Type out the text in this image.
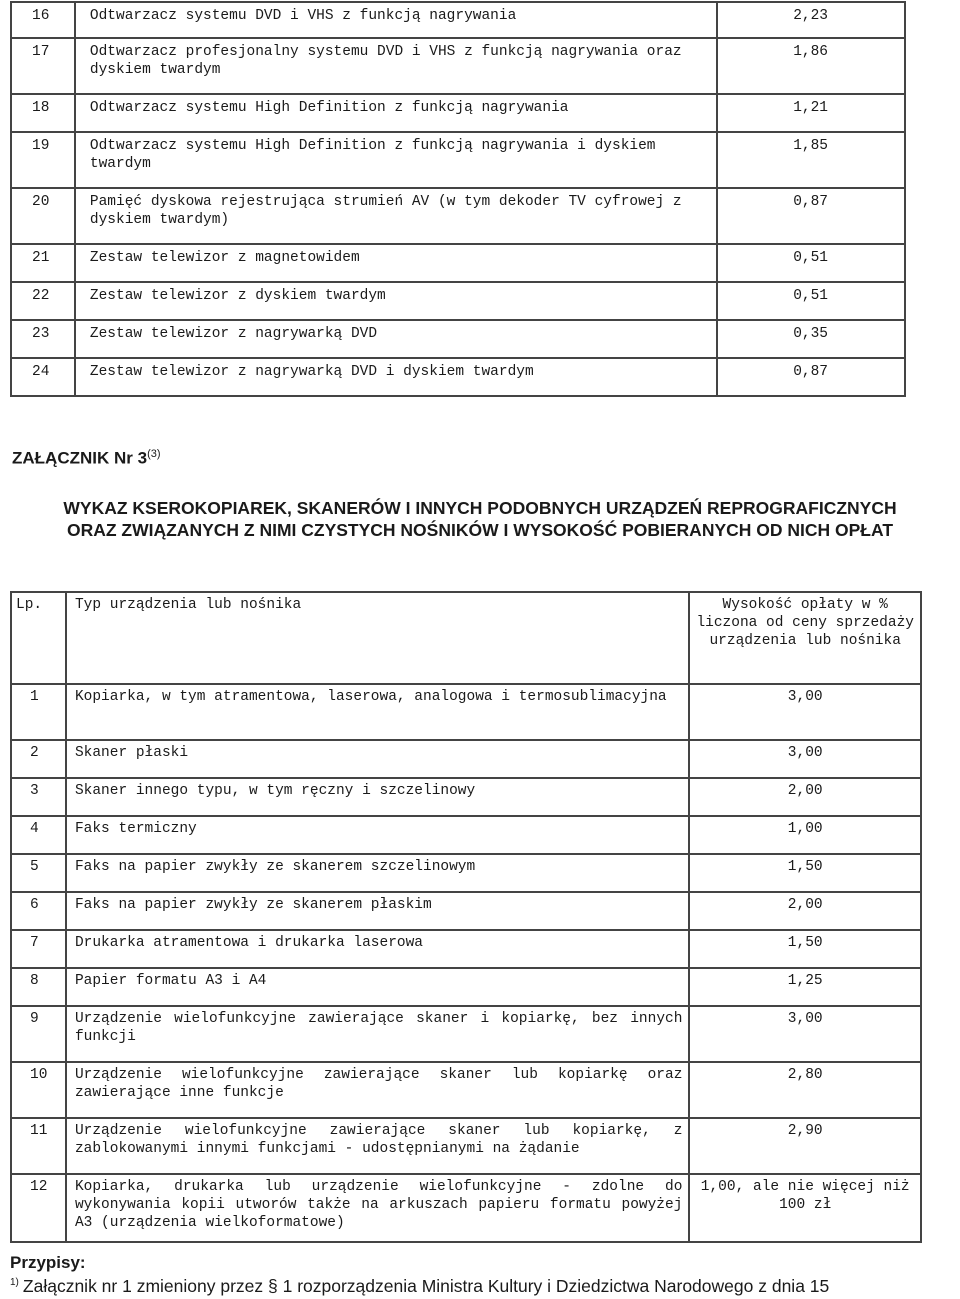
16	Odtwarzacz systemu DVD i VHS z funkcją nagrywania	2,23
17	Odtwarzacz profesjonalny systemu DVD i VHS z funkcją nagrywania oraz dyskiem twardym	1,86
18	Odtwarzacz systemu High Definition z funkcją nagrywania	1,21
19	Odtwarzacz systemu High Definition z funkcją nagrywania i dyskiem twardym	1,85
20	Pamięć dyskowa rejestrująca strumień AV (w tym dekoder TV cyfrowej z dyskiem twardym)	0,87
21	Zestaw telewizor z magnetowidem	0,51
22	Zestaw telewizor z dyskiem twardym	0,51
23	Zestaw telewizor z nagrywarką DVD	0,35
24	Zestaw telewizor z nagrywarką DVD i dyskiem twardym	0,87
ZAŁĄCZNIK Nr 3$^{(3)}$
WYKAZ KSEROKOPIAREK, SKANERÓW I INNYCH PODOBNYCH URZĄDZEŃ REPROGRAFICZNYCH ORAZ ZWIĄZANYCH Z NIMI CZYSTYCH NOŚNIKÓW I WYSOKOŚĆ POBIERANYCH OD NICH OPŁAT
Lp.	Typ urządzenia lub nośnika	Wysokość opłaty w % liczona od ceny sprzedaży urządzenia lub nośnika
1	Kopiarka, w tym atramentowa, laserowa, analogowa i termosublimacyjna	3,00
2	Skaner płaski	3,00
3	Skaner innego typu, w tym ręczny i szczelinowy	2,00
4	Faks termiczny	1,00
5	Faks na papier zwykły ze skanerem szczelinowym	1,50
6	Faks na papier zwykły ze skanerem płaskim	2,00
7	Drukarka atramentowa i drukarka laserowa	1,50
8	Papier formatu A3 i A4	1,25
9	Urządzenie wielofunkcyjne zawierające skaner i kopiarkę, bez innych funkcji	3,00
10	Urządzenie wielofunkcyjne zawierające skaner lub kopiarkę oraz zawierające inne funkcje	2,80
11	Urządzenie wielofunkcyjne zawierające skaner lub kopiarkę, z zablokowanymi innymi funkcjami - udostępnianymi na żądanie	2,90
12	Kopiarka, drukarka lub urządzenie wielofunkcyjne - zdolne do wykonywania kopii utworów także na arkuszach papieru formatu powyżej A3 (urządzenia wielkoformatowe)	1,00, ale nie więcej niż 100 zł
Przypisy:
$^{1)}$ Załącznik nr 1 zmieniony przez § 1 rozporządzenia Ministra Kultury i Dziedzictwa Narodowego z dnia 15
